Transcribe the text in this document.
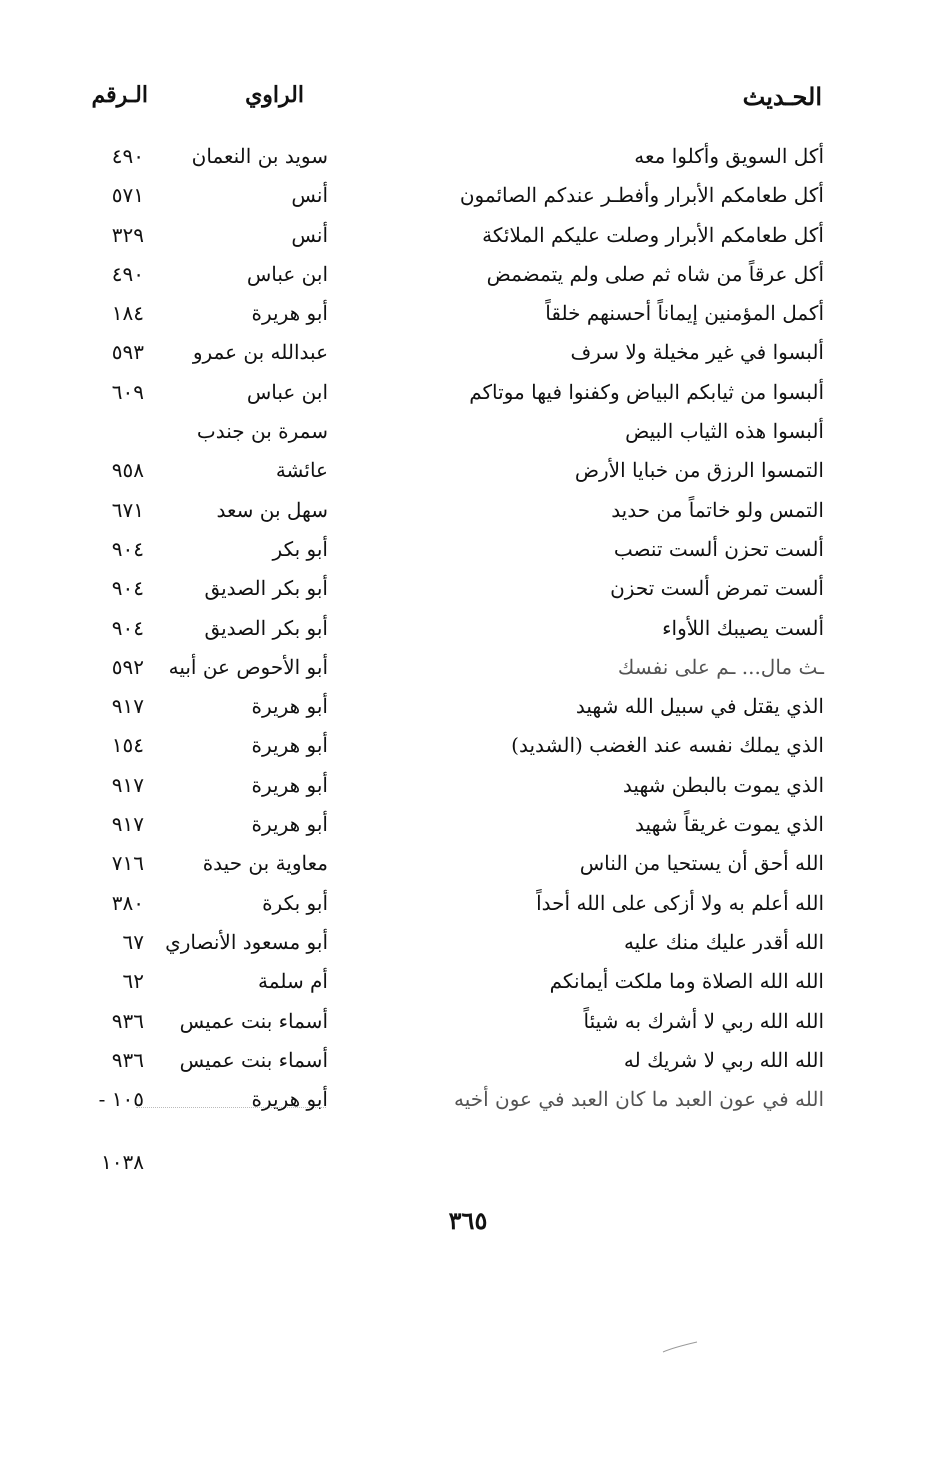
الحـديث
الراوي
الـرقم
أكل السويق وأكلوا معه
سويد بن النعمان
٤٩٠
أكل طعامكم الأبرار وأفطـر عندكم الصائمون
أنس
٥٧١
أكل طعامكم الأبرار وصلت عليكم الملائكة
أنس
٣٢٩
أكل عرقاً من شاه ثم صلى ولم يتمضمض
ابن عباس
٤٩٠
أكمل المؤمنين إيماناً أحسنهم خلقاً
أبو هريرة
١٨٤
ألبسوا في غير مخيلة ولا سرف
عبدالله بن عمرو
٥٩٣
ألبسوا من ثيابكم البياض وكفنوا فيها موتاكم
ابن عباس
٦٠٩
ألبسوا هذه الثياب البيض
سمرة بن جندب
التمسوا الرزق من خبايا الأرض
عائشة
٩٥٨
التمس ولو خاتماً من حديد
سهل بن سعد
٦٧١
ألست تحزن ألست تنصب
أبو بكر
٩٠٤
ألست تمرض ألست تحزن
أبو بكر الصديق
٩٠٤
ألست يصيبك اللأواء
أبو بكر الصديق
٩٠٤
ـث مال... ـم على نفسك
أبو الأحوص عن أبيه
٥٩٢
الذي يقتل في سبيل الله شهيد
أبو هريرة
٩١٧
الذي يملك نفسه عند الغضب (الشديد)
أبو هريرة
١٥٤
الذي يموت بالبطن شهيد
أبو هريرة
٩١٧
الذي يموت غريقاً شهيد
أبو هريرة
٩١٧
الله أحق أن يستحيا من الناس
معاوية بن حيدة
٧١٦
الله أعلم به ولا أزكى على الله أحداً
أبو بكرة
٣٨٠
الله أقدر عليك منك عليه
أبو مسعود الأنصاري
٦٧
الله الله الصلاة وما ملكت أيمانكم
أم سلمة
٦٢
الله الله ربي لا أشرك به شيئاً
أسماء بنت عميس
٩٣٦
الله الله ربي لا شريك له
أسماء بنت عميس
٩٣٦
الله في عون العبد ما كان العبد في عون أخيه
أبو هريرة
١٠٥ -
١٠٣٨
٣٦٥
